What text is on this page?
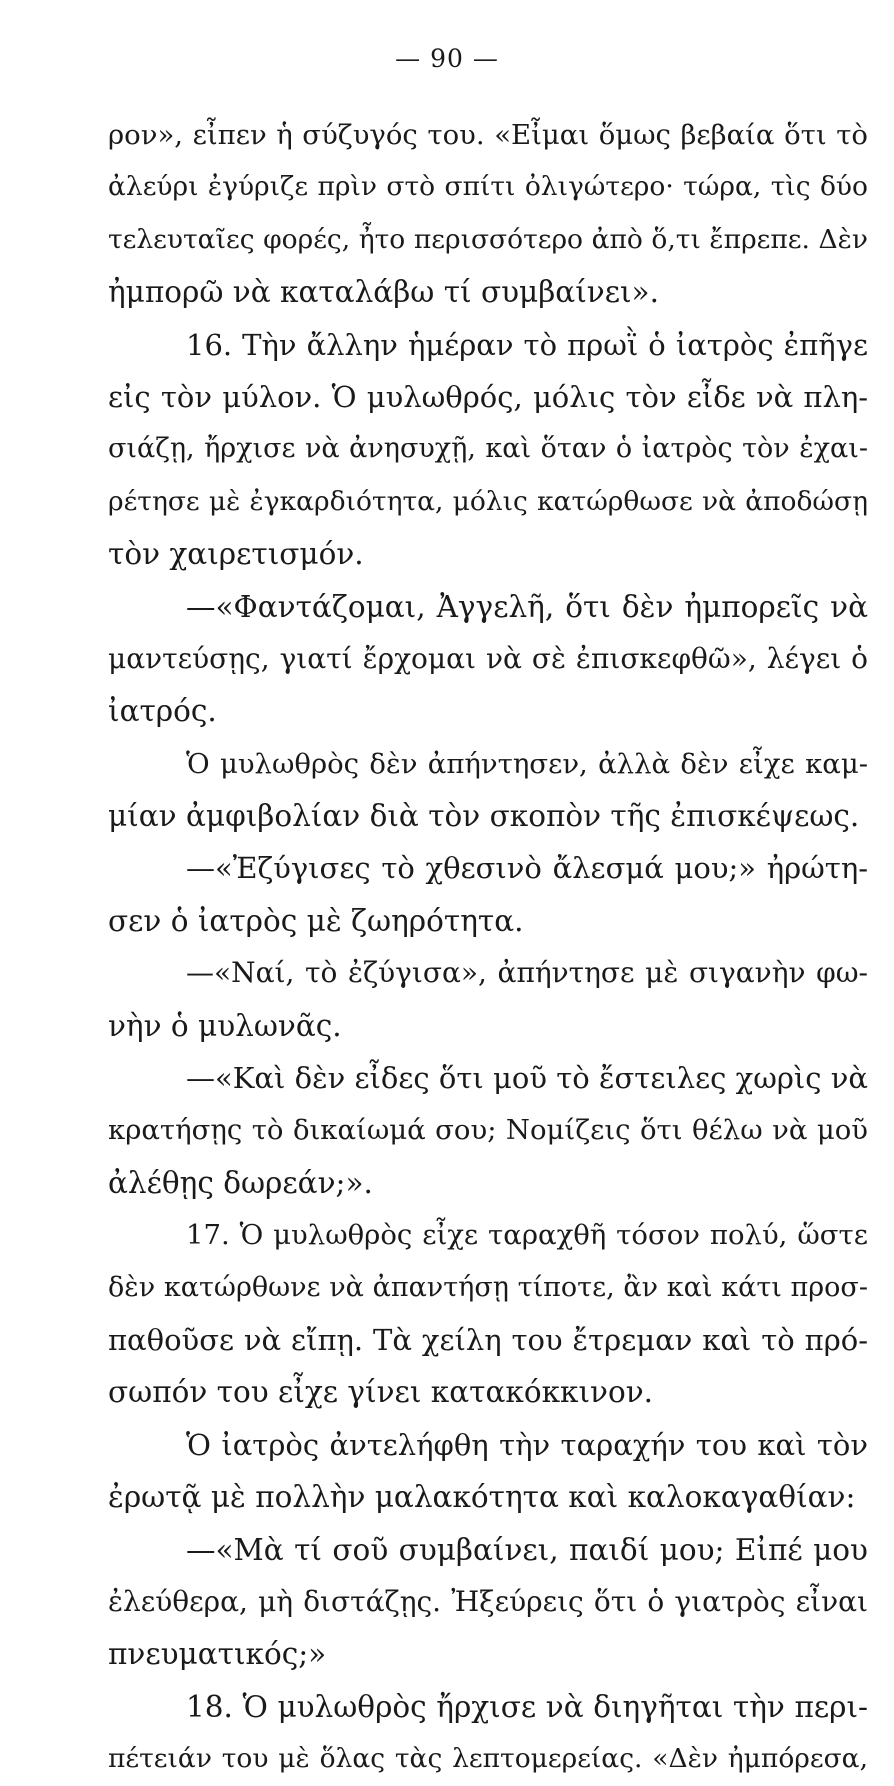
— 90 —
ρον», εἶπεν ἡ σύζυγός του. «Εἶμαι ὅμως βεβαία ὅτι τὸ
ἀλεύρι ἐγύριζε πρὶν στὸ σπίτι ὀλιγώτερο· τώρα, τὶς δύο
τελευταῖες φορές, ἦτο περισσότερο ἀπὸ ὅ,τι ἔπρεπε. Δὲν
ἠμπορῶ νὰ καταλάβω τί συμβαίνει».
16. Τὴν ἄλλην ἡμέραν τὸ πρωῒ ὁ ἰατρὸς ἐπῆγε
εἰς τὸν μύλον. Ὁ μυλωθρός, μόλις τὸν εἶδε νὰ πλη-
σιάζῃ, ἤρχισε νὰ ἀνησυχῇ, καὶ ὅταν ὁ ἰατρὸς τὸν ἐχαι-
ρέτησε μὲ ἐγκαρδιότητα, μόλις κατώρθωσε νὰ ἀποδώσῃ
τὸν χαιρετισμόν.
—«Φαντάζομαι, Ἀγγελῆ, ὅτι δὲν ἠμπορεῖς νὰ
μαντεύσῃς, γιατί ἔρχομαι νὰ σὲ ἐπισκεφθῶ», λέγει ὁ
ἰατρός.
Ὁ μυλωθρὸς δὲν ἀπήντησεν, ἀλλὰ δὲν εἶχε καμ-
μίαν ἀμφιβολίαν διὰ τὸν σκοπὸν τῆς ἐπισκέψεως.
—«Ἐζύγισες τὸ χθεσινὸ ἄλεσμά μου;» ἠρώτη-
σεν ὁ ἰατρὸς μὲ ζωηρότητα.
—«Ναί, τὸ ἐζύγισα», ἀπήντησε μὲ σιγανὴν φω-
νὴν ὁ μυλωνᾶς.
—«Καὶ δὲν εἶδες ὅτι μοῦ τὸ ἔστειλες χωρὶς νὰ
κρατήσῃς τὸ δικαίωμά σου; Νομίζεις ὅτι θέλω νὰ μοῦ
ἀλέθῃς δωρεάν;».
17. Ὁ μυλωθρὸς εἶχε ταραχθῆ τόσον πολύ, ὥστε
δὲν κατώρθωνε νὰ ἀπαντήσῃ τίποτε, ἂν καὶ κάτι προσ-
παθοῦσε νὰ εἴπῃ. Τὰ χείλη του ἔτρεμαν καὶ τὸ πρό-
σωπόν του εἶχε γίνει κατακόκκινον.
Ὁ ἰατρὸς ἀντελήφθη τὴν ταραχήν του καὶ τὸν
ἐρωτᾷ μὲ πολλὴν μαλακότητα καὶ καλοκαγαθίαν:
—«Μὰ τί σοῦ συμβαίνει, παιδί μου; Εἰπέ μου
ἐλεύθερα, μὴ διστάζῃς. Ἠξεύρεις ὅτι ὁ γιατρὸς εἶναι
πνευματικός;»
18. Ὁ μυλωθρὸς ἤρχισε νὰ διηγῆται τὴν περι-
πέτειάν του μὲ ὅλας τὰς λεπτομερείας. «Δὲν ἠμπόρεσα,
